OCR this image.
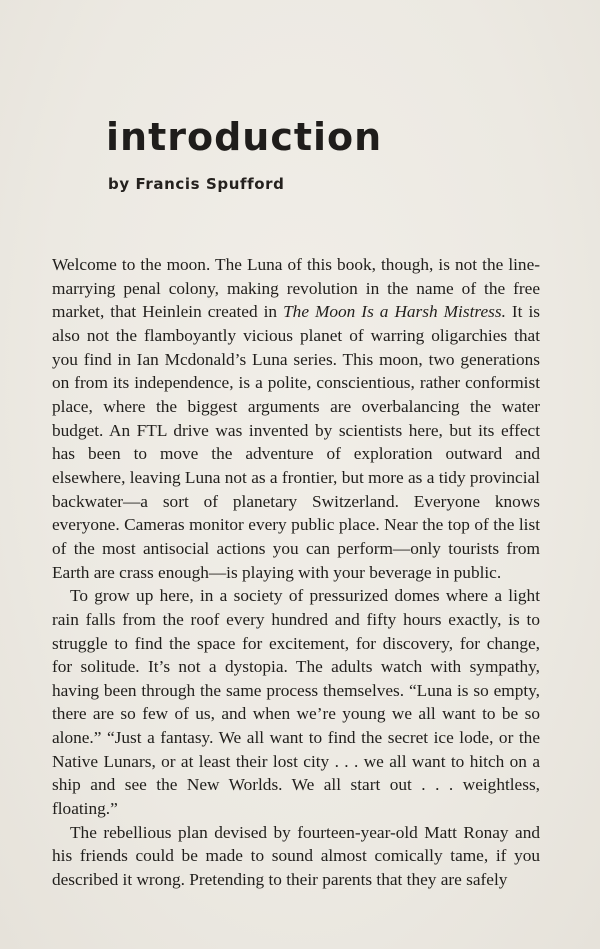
introduction
by Francis Spufford

Welcome to the moon. The Luna of this book, though, is not the line-marrying penal colony, making revolution in the name of the free market, that Heinlein created in The Moon Is a Harsh Mistress. It is also not the flamboyantly vicious planet of warring oligarchies that you find in Ian Mcdonald’s Luna series. This moon, two generations on from its independence, is a polite, conscientious, rather conformist place, where the biggest arguments are overbalancing the water budget. An FTL drive was invented by scientists here, but its effect has been to move the adventure of exploration outward and elsewhere, leaving Luna not as a frontier, but more as a tidy provincial backwater—a sort of planetary Switzerland. Everyone knows everyone. Cameras monitor every public place. Near the top of the list of the most antisocial actions you can perform—only tourists from Earth are crass enough—is playing with your beverage in public.

To grow up here, in a society of pressurized domes where a light rain falls from the roof every hundred and fifty hours exactly, is to struggle to find the space for excitement, for discovery, for change, for solitude. It’s not a dystopia. The adults watch with sympathy, having been through the same process themselves. “Luna is so empty, there are so few of us, and when we’re young we all want to be so alone.” “Just a fantasy. We all want to find the secret ice lode, or the Native Lunars, or at least their lost city . . . we all want to hitch on a ship and see the New Worlds. We all start out . . . weightless, floating.”

The rebellious plan devised by fourteen-year-old Matt Ronay and his friends could be made to sound almost comically tame, if you described it wrong. Pretending to their parents that they are safely
